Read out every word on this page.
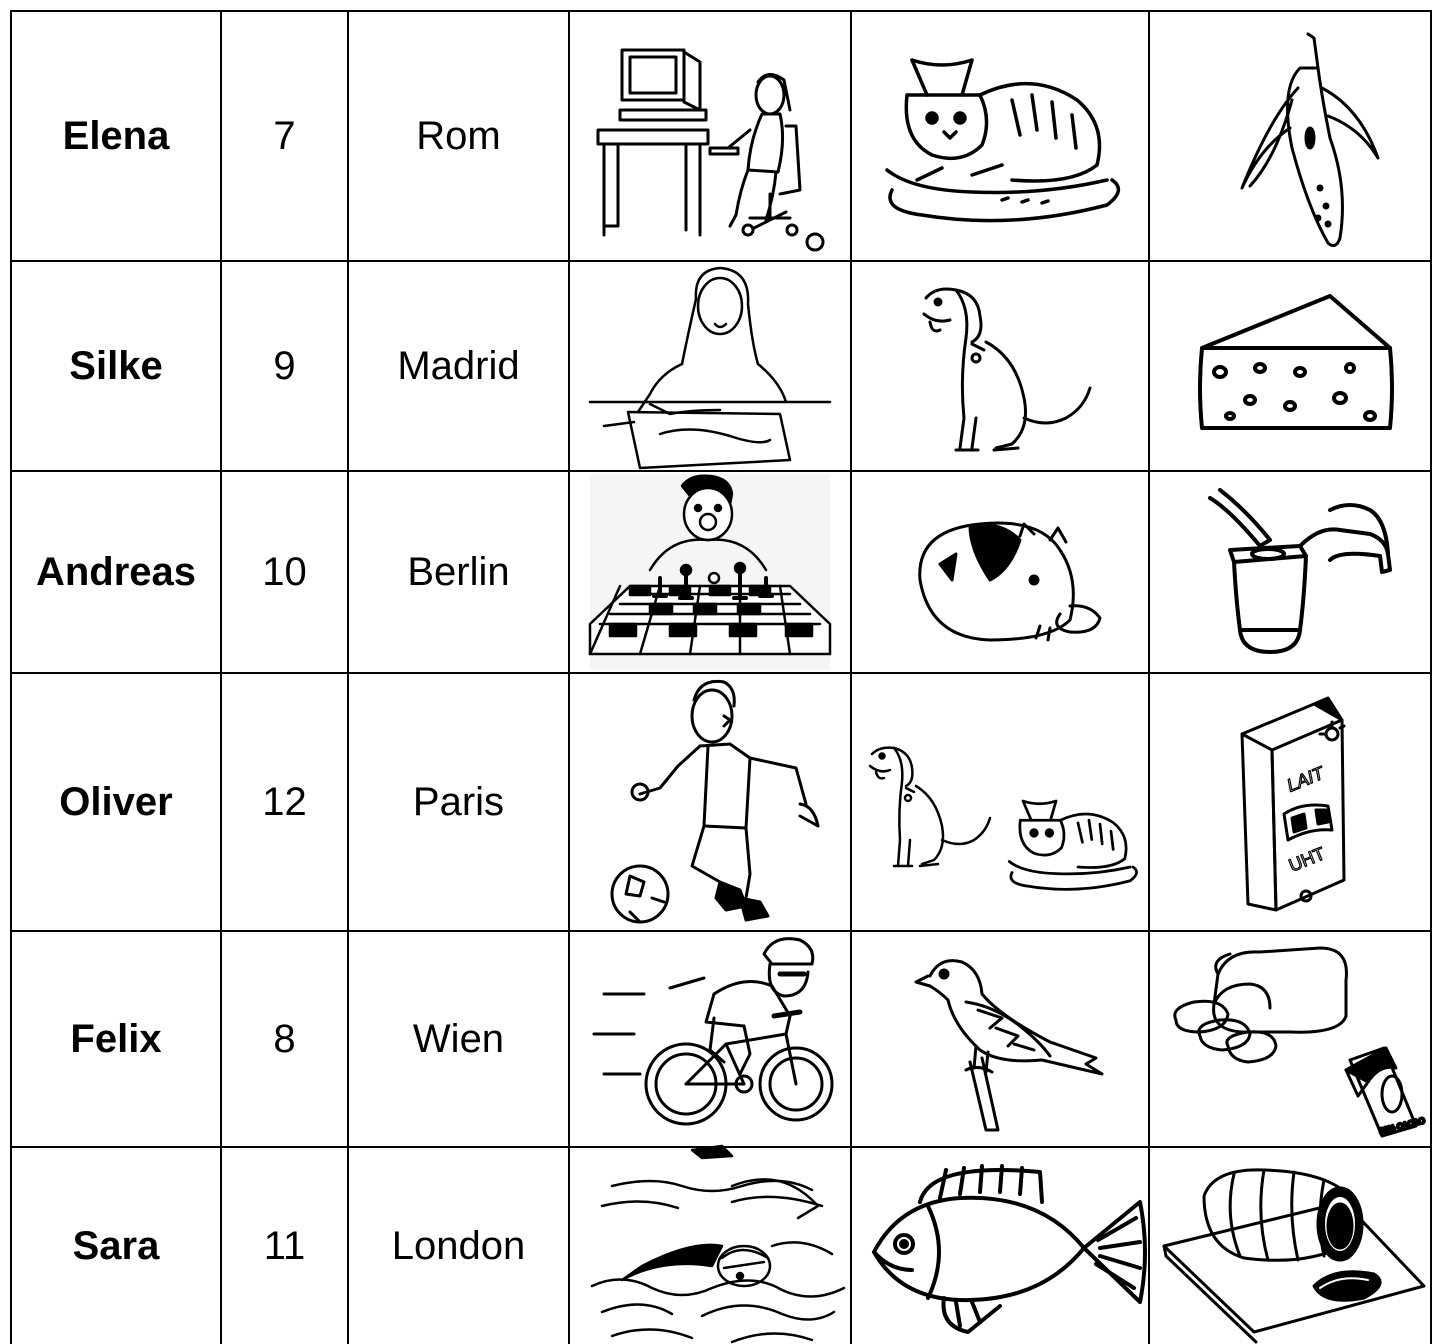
Elena	7	Rom
Silke	9	Madrid
Andreas 10	Berlin
Oliver 12	Paris
LAIT
UHT
Felix	8	Wien
80% CACAO
Sara	11 London
